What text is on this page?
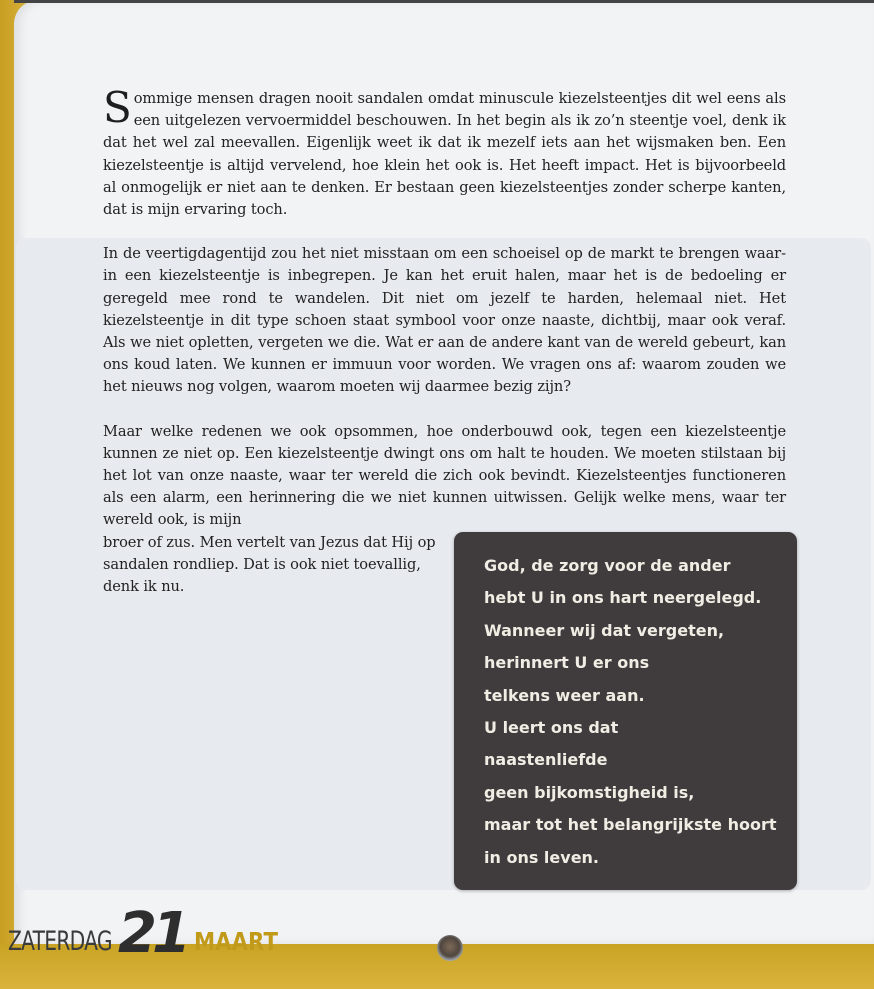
Sommige mensen dragen nooit sandalen omdat minuscule kiezelsteentjes dit wel eens als een uitgelezen vervoermiddel beschouwen. In het begin als ik zo’n steentje voel, denk ik dat het wel zal meevallen. Eigenlijk weet ik dat ik mezelf iets aan het wijsmaken ben. Een kiezelsteentje is altijd vervelend, hoe klein het ook is. Het heeft impact. Het is bijvoorbeeld al onmogelijk er niet aan te denken. Er bestaan geen kiezelsteentjes zonder scherpe kanten, dat is mijn ervaring toch.

In de veertigdagentijd zou het niet misstaan om een schoeisel op de markt te brengen waarin een kiezelsteentje is inbegrepen. Je kan het eruit halen, maar het is de bedoeling er geregeld mee rond te wandelen. Dit niet om jezelf te harden, helemaal niet. Het kiezelsteentje in dit type schoen staat symbool voor onze naaste, dichtbij, maar ook veraf. Als we niet opletten, vergeten we die. Wat er aan de andere kant van de wereld gebeurt, kan ons koud laten. We kunnen er immuun voor worden. We vragen ons af: waarom zouden we het nieuws nog volgen, waarom moeten wij daarmee bezig zijn?

Maar welke redenen we ook opsommen, hoe onderbouwd ook, tegen een kiezelsteentje kunnen ze niet op. Een kiezelsteentje dwingt ons om halt te houden. We moeten stilstaan bij het lot van onze naaste, waar ter wereld die zich ook bevindt. Kiezelsteentjes functioneren als een alarm, een herinnering die we niet kunnen uitwissen. Gelijk welke mens, waar ter wereld ook, is mijn

broer of zus. Men vertelt van Jezus dat Hij op sandalen rondliep. Dat is ook niet toevallig, denk ik nu.

God, de zorg voor de ander
hebt U in ons hart neergelegd.
Wanneer wij dat vergeten,
herinnert U er ons
telkens weer aan.
U leert ons dat
naastenliefde
geen bijkomstigheid is,
maar tot het belangrijkste hoort
in ons leven.
ZATERDAG 21 MAART
